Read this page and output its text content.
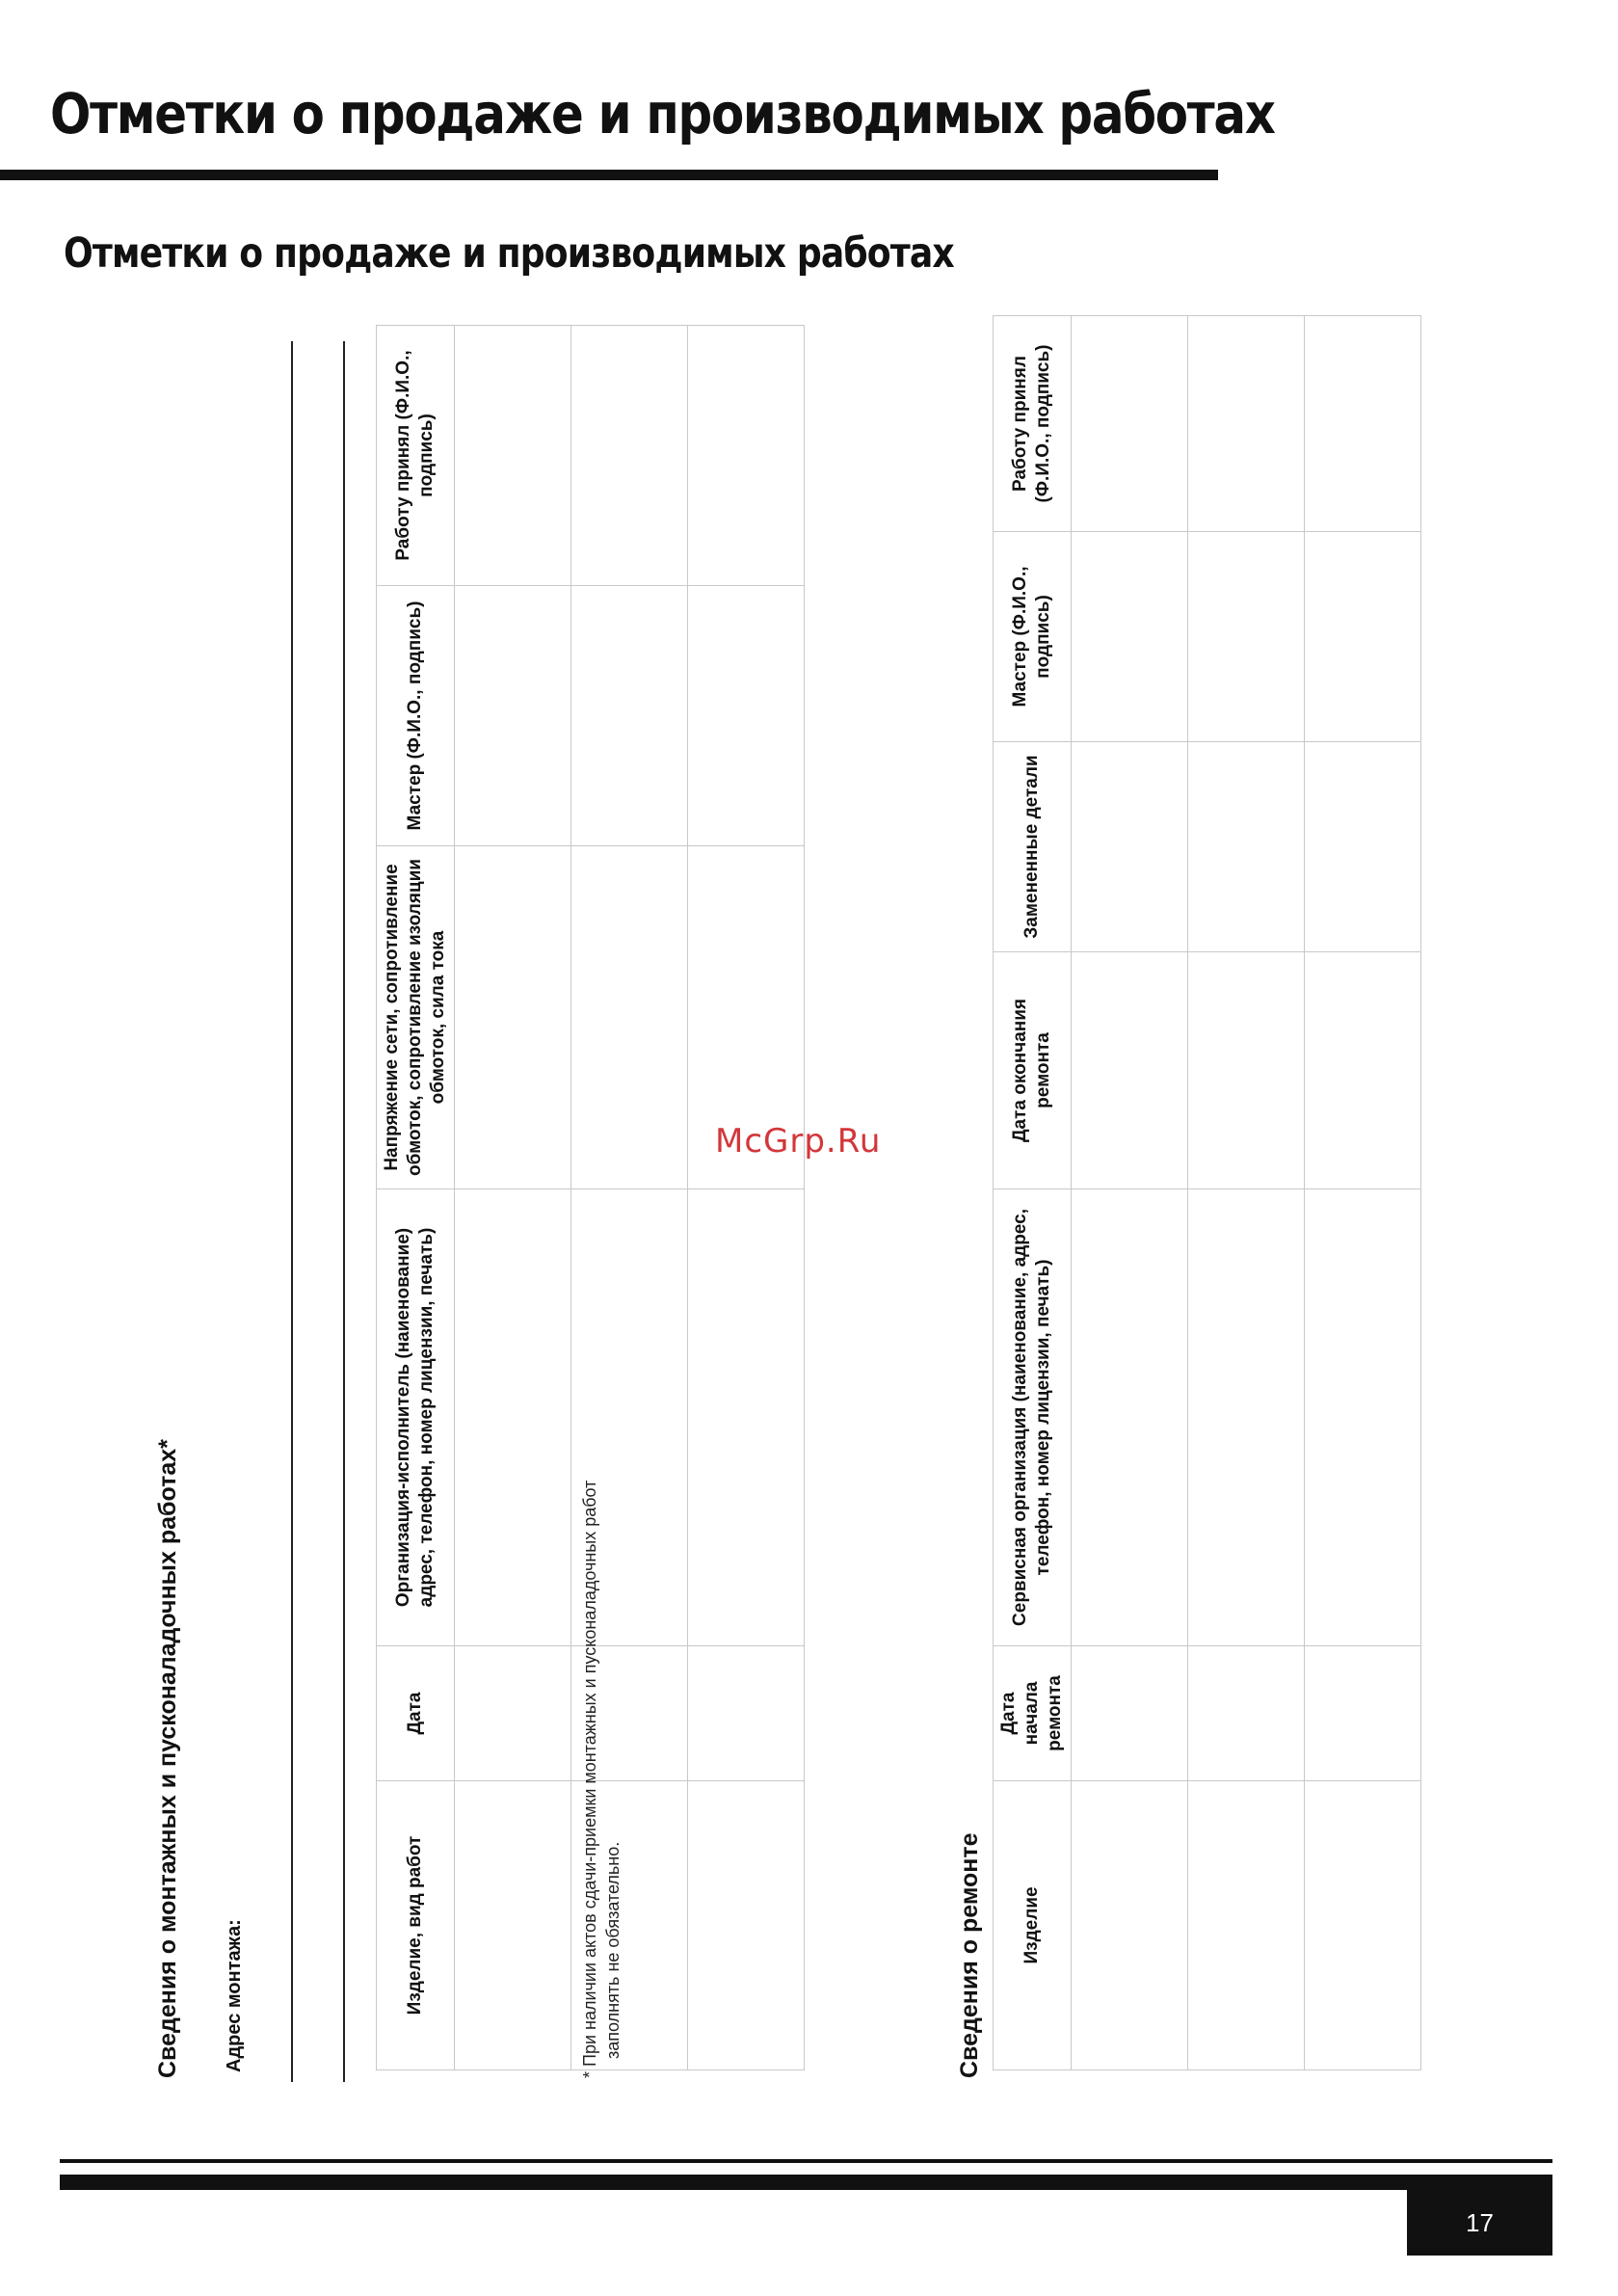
Отметки о продаже и производимых работах
Отметки о продаже и производимых работах
Сведения о монтажных и пусконаладочных работах* Адрес монтажа:	Изделие, вид работ	Дата	Организация-исполнитель (наиенование) адрес, телефон, номер лицензии, печать)	Напряжение сети, сопротивление обмоток, сопротивление изоляции обмоток, сила тока	Мастер (Ф.И.О., подпись)	Работу принял (Ф.И.О., подпись)

* При наличии актов сдачи-приемки монтажных и пусконаладочных работ заполнять не обязательно.	Сведения о ремонте Изделие	Дата начала ремонта	Сервисная организация (наиенование, адрес, телефон, номер лицензии, печать)	Дата окончания ремонта	Замененные детали	Мастер (Ф.И.О., подпись)	Работу принял (Ф.И.О., подпись)

McGrp.Ru
17
